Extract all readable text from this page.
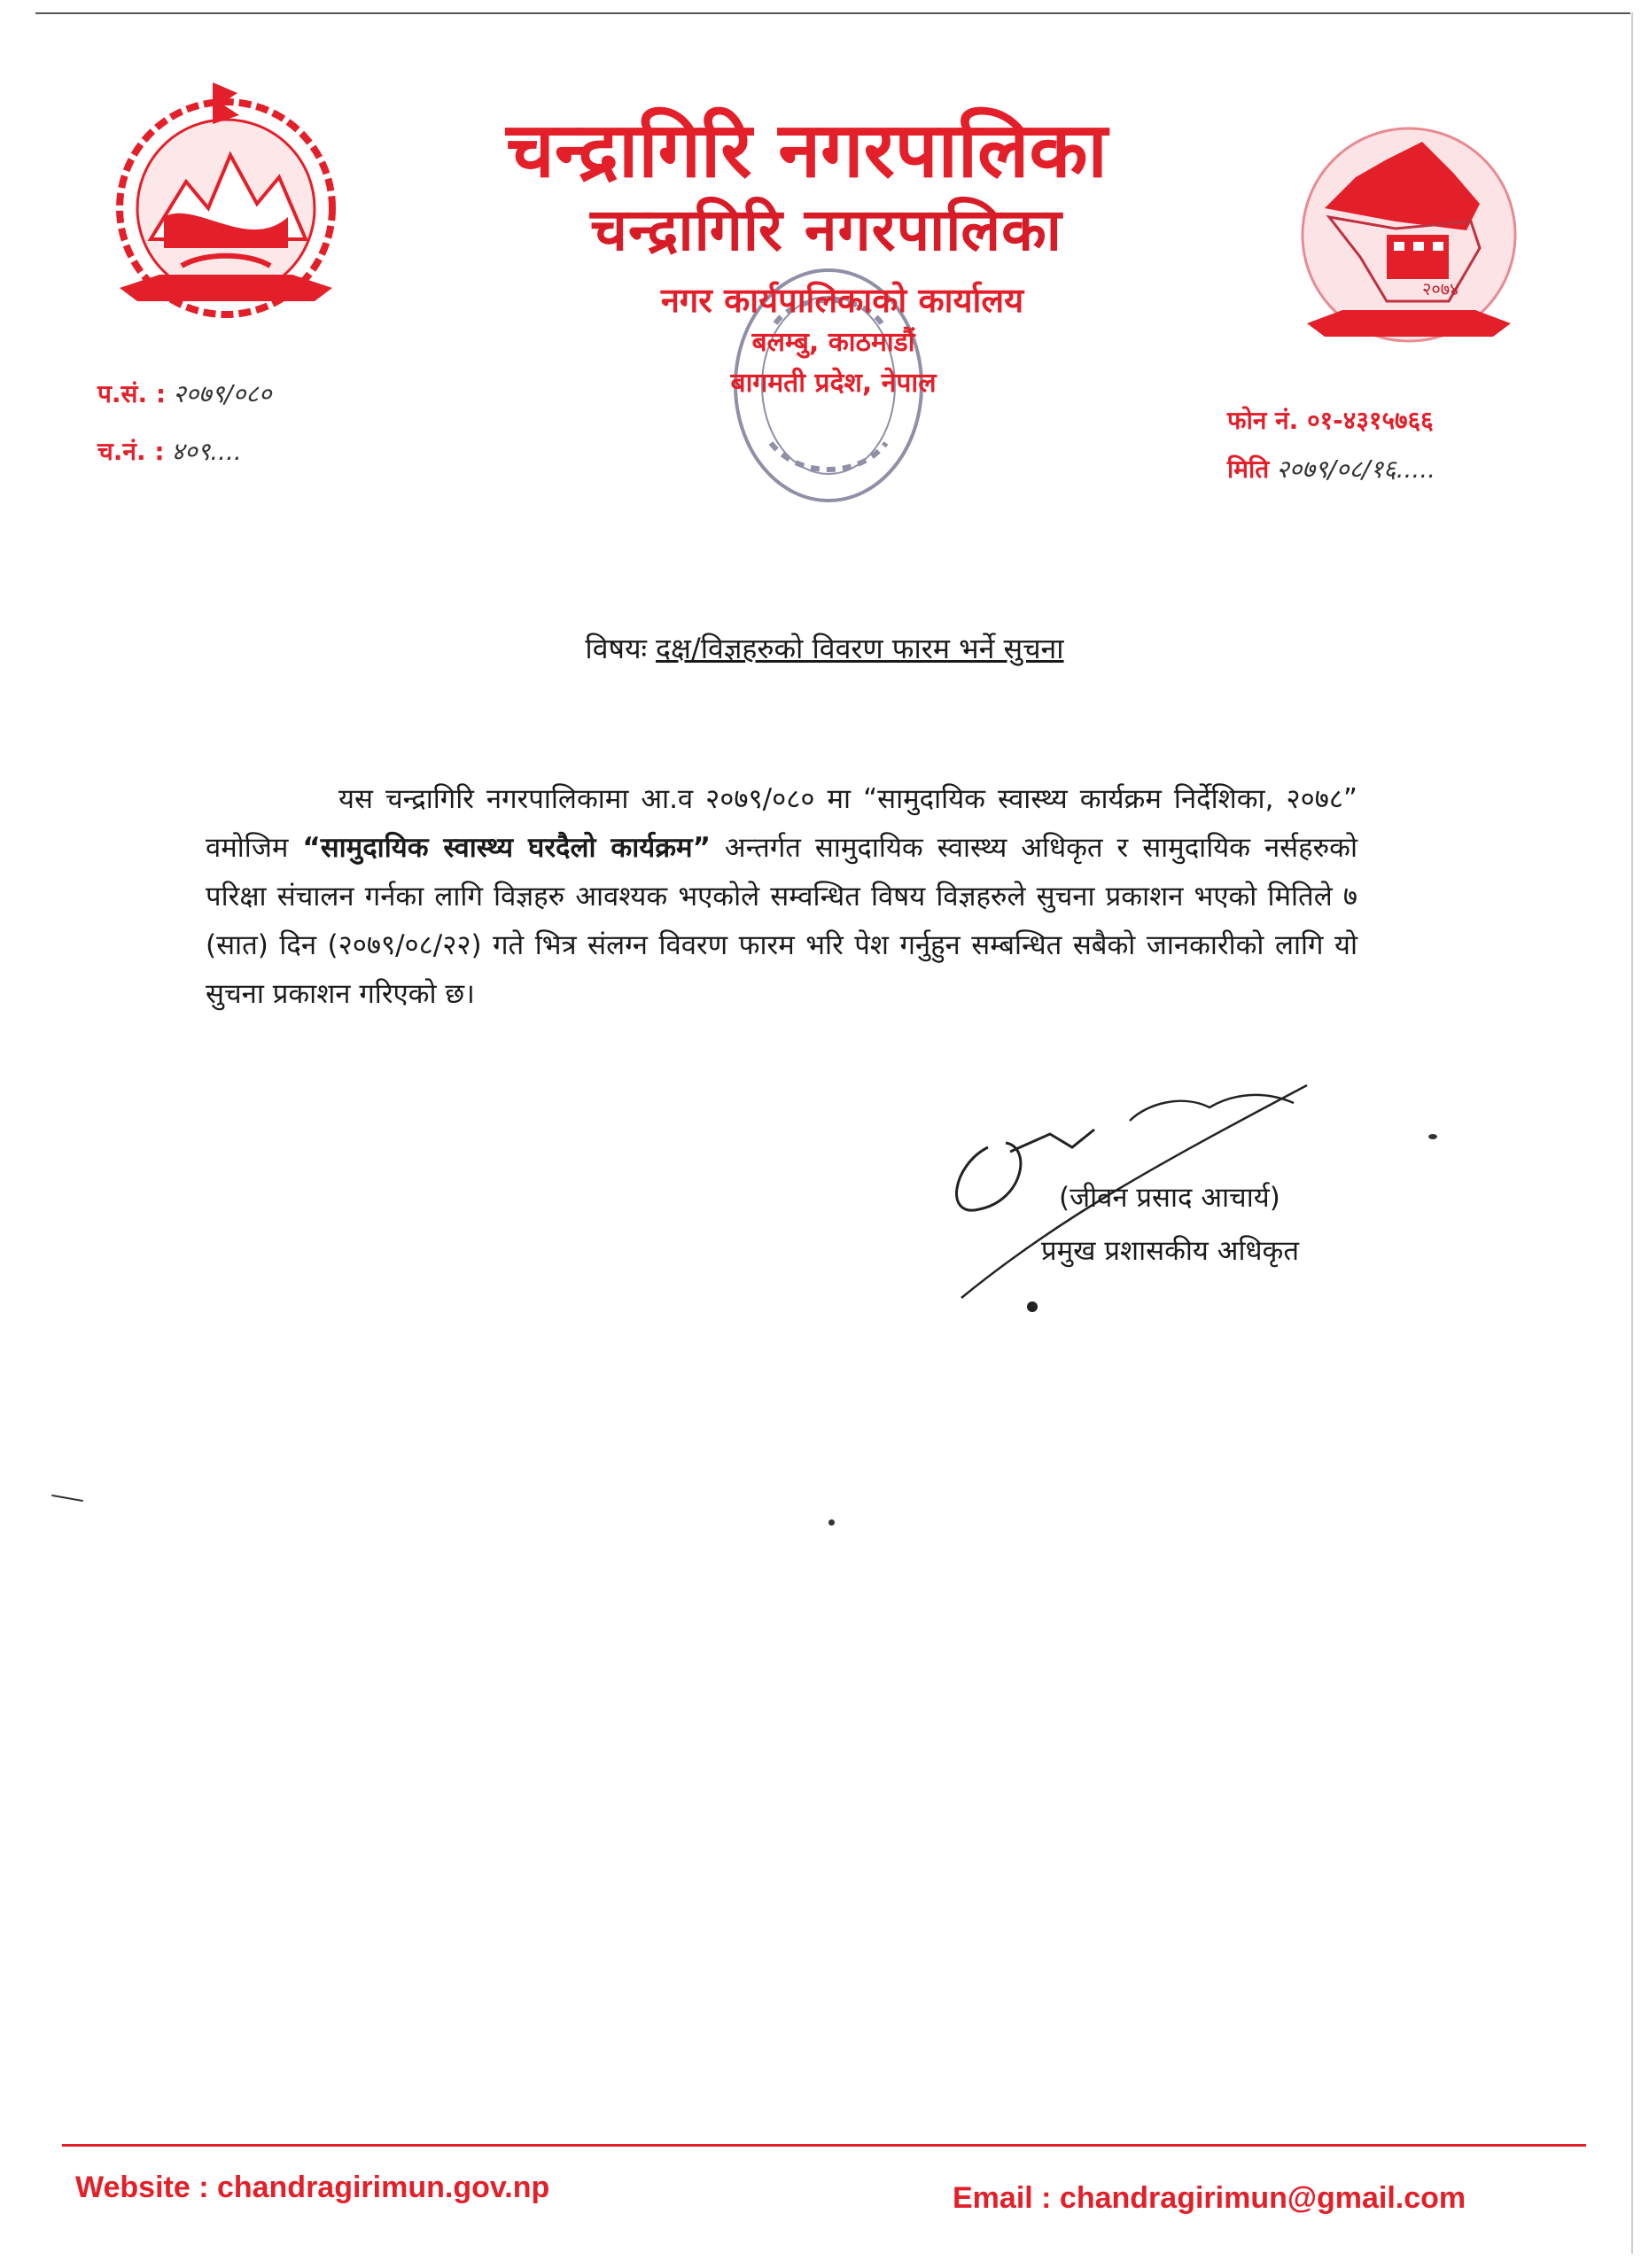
२०७४
चन्द्रागिरि नगरपालिका
चन्द्रागिरि नगरपालिका
नगर कार्यपालिकाको कार्यालय
बलम्बु, काठमाडौं
बागमती प्रदेश, नेपाल
प.सं. : २०७९/०८०
च.नं. : ४०९....
फोन नं. ०१-४३१५७६६
मिति २०७९/०८/१६.....
विषयः दक्ष/विज्ञहरुको विवरण फारम भर्ने सुचना
यस चन्द्रागिरि नगरपालिकामा आ.व २०७९/०८० मा “सामुदायिक स्वास्थ्य कार्यक्रम निर्देशिका, २०७८” वमोजिम “सामुदायिक स्वास्थ्य घरदैलो कार्यक्रम” अन्तर्गत सामुदायिक स्वास्थ्य अधिकृत र सामुदायिक नर्सहरुको परिक्षा संचालन गर्नका लागि विज्ञहरु आवश्यक भएकोले सम्वन्धित विषय विज्ञहरुले सुचना प्रकाशन भएको मितिले ७ (सात) दिन (२०७९/०८/२२) गते भित्र संलग्न विवरण फारम भरि पेश गर्नुहुन सम्बन्धित सबैको जानकारीको लागि यो सुचना प्रकाशन गरिएको छ।
(जीवन प्रसाद आचार्य)
प्रमुख प्रशासकीय अधिकृत
Website : chandragirimun.gov.np	Email : chandragirimun@gmail.com
